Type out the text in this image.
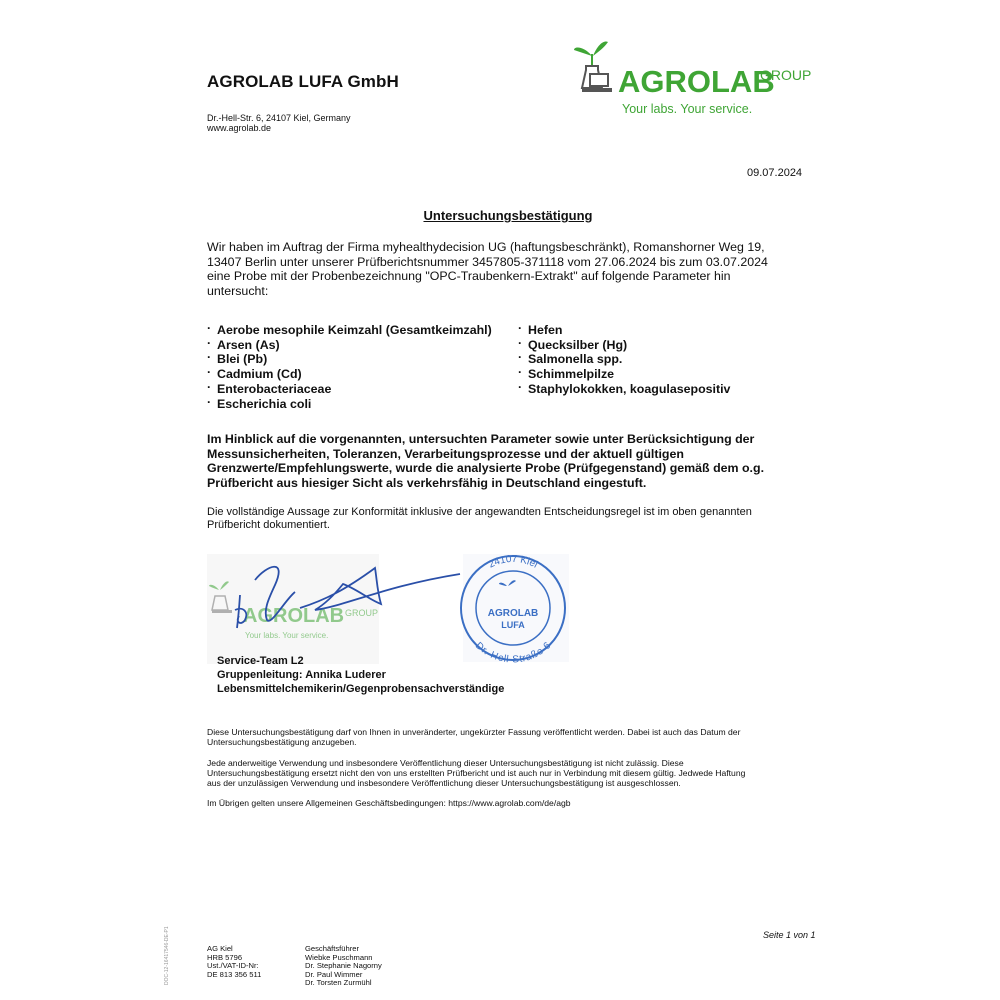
AGROLAB LUFA GmbH
Dr.-Hell-Str. 6, 24107 Kiel, Germany
www.agrolab.de
AGROLAB
GROUP
Your labs. Your service.
09.07.2024
Untersuchungsbestätigung
Wir haben im Auftrag der Firma myhealthydecision UG (haftungsbeschränkt), Romanshorner Weg 19,
13407 Berlin unter unserer Prüfberichtsnummer 3457805-371118 vom 27.06.2024 bis zum 03.07.2024
eine Probe mit der Probenbezeichnung "OPC-Traubenkern-Extrakt" auf folgende Parameter hin
untersucht:
· Aerobe mesophile Keimzahl (Gesamtkeimzahl)
· Arsen (As)
· Blei (Pb)
· Cadmium (Cd)
· Enterobacteriaceae
· Escherichia coli
· Hefen
· Quecksilber (Hg)
· Salmonella spp.
· Schimmelpilze
· Staphylokokken, koagulasepositiv
Im Hinblick auf die vorgenannten, untersuchten Parameter sowie unter Berücksichtigung der
Messunsicherheiten, Toleranzen, Verarbeitungsprozesse und der aktuell gültigen
Grenzwerte/Empfehlungswerte, wurde die analysierte Probe (Prüfgegenstand) gemäß dem o.g.
Prüfbericht aus hiesiger Sicht als verkehrsfähig in Deutschland eingestuft.
Die vollständige Aussage zur Konformität inklusive der angewandten Entscheidungsregel ist im oben genannten
Prüfbericht dokumentiert.
AGROLAB GROUP
Your labs. Your service.
24107 Kiel
Dr.-Hell-Straße 6
AGROLAB
LUFA
Service-Team L2
Gruppenleitung: Annika Luderer
Lebensmittelchemikerin/Gegenprobensachverständige

Diese Untersuchungsbestätigung darf von Ihnen in unveränderter, ungekürzter Fassung veröffentlicht werden. Dabei ist auch das Datum der
Untersuchungsbestätigung anzugeben.

Jede anderweitige Verwendung und insbesondere Veröffentlichung dieser Untersuchungsbestätigung ist nicht zulässig. Diese
Untersuchungsbestätigung ersetzt nicht den von uns erstellten Prüfbericht und ist auch nur in Verbindung mit diesem gültig. Jedwede Haftung
aus der unzulässigen Verwendung und insbesondere Veröffentlichung dieser Untersuchungsbestätigung ist ausgeschlossen.

Im Übrigen gelten unsere Allgemeinen Geschäftsbedingungen: https://www.agrolab.com/de/agb

Seite 1 von 1
DOC-12-16417546-DE-P1	AG Kiel
HRB 5796
Ust./VAT-ID-Nr:
DE 813 356 511
Geschäftsführer
Wiebke Puschmann
Dr. Stephanie Nagorny
Dr. Paul Wimmer
Dr. Torsten Zurmühl
